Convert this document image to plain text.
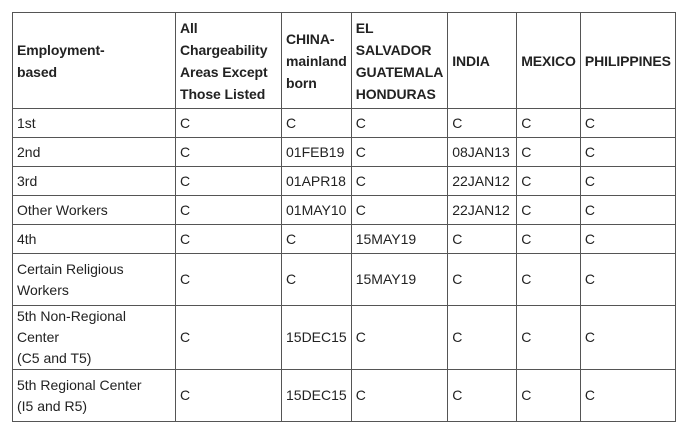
Employment-
based	All
Chargeability
Areas Except
Those Listed	CHINA-
mainland
born	EL
SALVADOR
GUATEMALA
HONDURAS	INDIA	MEXICO	PHILIPPINES
1st	C	C	C	C	C	C
2nd	C	01FEB19	C	08JAN13	C	C
3rd	C	01APR18	C	22JAN12	C	C
Other Workers	C	01MAY10	C	22JAN12	C	C
4th	C	C	15MAY19	C	C	C
Certain Religious
Workers	C	C	15MAY19	C	C	C
5th Non-Regional Center
(C5 and T5)	C	15DEC15	C	C	C	C
5th Regional Center
(I5 and R5)	C	15DEC15	C	C	C	C
